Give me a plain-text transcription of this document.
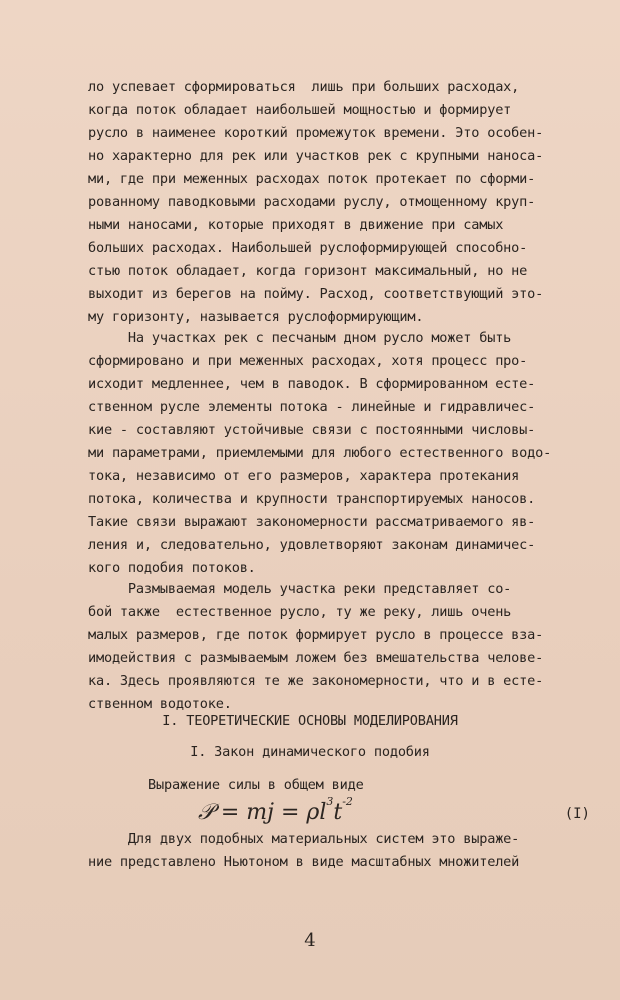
ло успевает сформироваться  лишь при больших расходах,
когда поток обладает наибольшей мощностью и формирует
русло в наименее короткий промежуток времени. Это особен-
но характерно для рек или участков рек с крупными наноса-
ми, где при меженных расходах поток протекает по сформи-
рованному паводковыми расходами руслу, отмощенному круп-
ными наносами, которые приходят в движение при самых
больших расходах. Наибольшей руслоформирующей способно-
стью поток обладает, когда горизонт максимальный, но не
выходит из берегов на пойму. Расход, соответствующий это-
му горизонту, называется руслоформирующим.
На участках рек с песчаным дном русло может быть
сформировано и при меженных расходах, хотя процесс про-
исходит медленнее, чем в паводок. В сформированном есте-
ственном русле элементы потока - линейные и гидравличес-
кие - составляют устойчивые связи с постоянными числовы-
ми параметрами, приемлемыми для любого естественного водо-
тока, независимо от его размеров, характера протекания
потока, количества и крупности транспортируемых наносов.
Такие связи выражают закономерности рассматриваемого яв-
ления и, следовательно, удовлетворяют законам динамичес-
кого подобия потоков.
Размываемая модель участка реки представляет со-
бой также  естественное русло, ту же реку, лишь очень
малых размеров, где поток формирует русло в процессе вза-
имодействия с размываемым ложем без вмешательства челове-
ка. Здесь проявляются те же закономерности, что и в есте-
ственном водотоке.
I. ТЕОРЕТИЧЕСКИЕ ОСНОВЫ МОДЕЛИРОВАНИЯ
I. Закон динамического подобия
Выражение силы в общем виде
𝒫 = mj = $\rho l^3t^{-2}$
(I)
Для двух подобных материальных систем это выраже-
ние представлено Ньютоном в виде масштабных множителей
4
